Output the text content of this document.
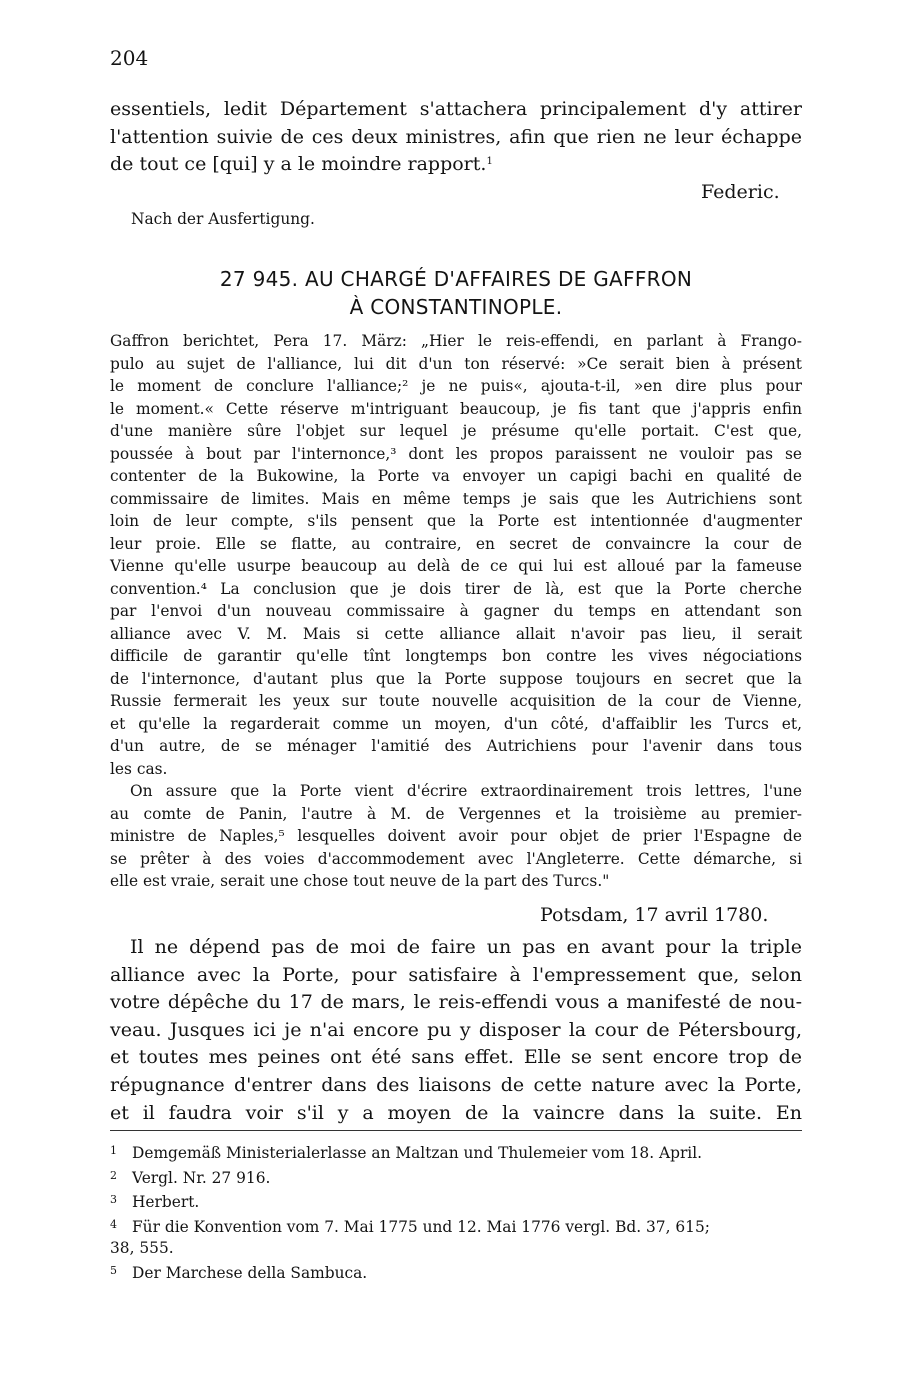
204
essentiels, ledit Département s'attachera principalement d'y attirer
l'attention suivie de ces deux ministres, afin que rien ne leur échappe
de tout ce [qui] y a le moindre rapport.$^1$
Federic.
Nach der Ausfertigung.
27 945. AU CHARGÉ D'AFFAIRES DE GAFFRON
À CONSTANTINOPLE.
Gaffron berichtet, Pera 17. März: „Hier le reis-effendi, en parlant à Frango-
pulo au sujet de l'alliance, lui dit d'un ton réservé: »Ce serait bien à présent
le moment de conclure l'alliance;² je ne puis«, ajouta-t-il, »en dire plus pour
le moment.« Cette réserve m'intriguant beaucoup, je fis tant que j'appris enfin
d'une manière sûre l'objet sur lequel je présume qu'elle portait. C'est que,
poussée à bout par l'internonce,³ dont les propos paraissent ne vouloir pas se
contenter de la Bukowine, la Porte va envoyer un capigi bachi en qualité de
commissaire de limites. Mais en même temps je sais que les Autrichiens sont
loin de leur compte, s'ils pensent que la Porte est intentionnée d'augmenter
leur proie. Elle se flatte, au contraire, en secret de convaincre la cour de
Vienne qu'elle usurpe beaucoup au delà de ce qui lui est alloué par la fameuse
convention.⁴ La conclusion que je dois tirer de là, est que la Porte cherche
par l'envoi d'un nouveau commissaire à gagner du temps en attendant son
alliance avec V. M. Mais si cette alliance allait n'avoir pas lieu, il serait
difficile de garantir qu'elle tînt longtemps bon contre les vives négociations
de l'internonce, d'autant plus que la Porte suppose toujours en secret que la
Russie fermerait les yeux sur toute nouvelle acquisition de la cour de Vienne,
et qu'elle la regarderait comme un moyen, d'un côté, d'affaiblir les Turcs et,
d'un autre, de se ménager l'amitié des Autrichiens pour l'avenir dans tous
les cas.
On assure que la Porte vient d'écrire extraordinairement trois lettres, l'une
au comte de Panin, l'autre à M. de Vergennes et la troisième au premier-
ministre de Naples,⁵ lesquelles doivent avoir pour objet de prier l'Espagne de
se prêter à des voies d'accommodement avec l'Angleterre. Cette démarche, si
elle est vraie, serait une chose tout neuve de la part des Turcs."
Potsdam, 17 avril 1780.
Il ne dépend pas de moi de faire un pas en avant pour la triple
alliance avec la Porte, pour satisfaire à l'empressement que, selon
votre dépêche du 17 de mars, le reis-effendi vous a manifesté de nou-
veau. Jusques ici je n'ai encore pu y disposer la cour de Pétersbourg,
et toutes mes peines ont été sans effet. Elle se sent encore trop de
répugnance d'entrer dans des liaisons de cette nature avec la Porte,
et il faudra voir s'il y a moyen de la vaincre dans la suite. En
1 Demgemäß Ministerialerlasse an Maltzan und Thulemeier vom 18. April.
2 Vergl. Nr. 27 916.
3 Herbert.
4 Für die Konvention vom 7. Mai 1775 und 12. Mai 1776 vergl. Bd. 37, 615;
38, 555.
5 Der Marchese della Sambuca.
